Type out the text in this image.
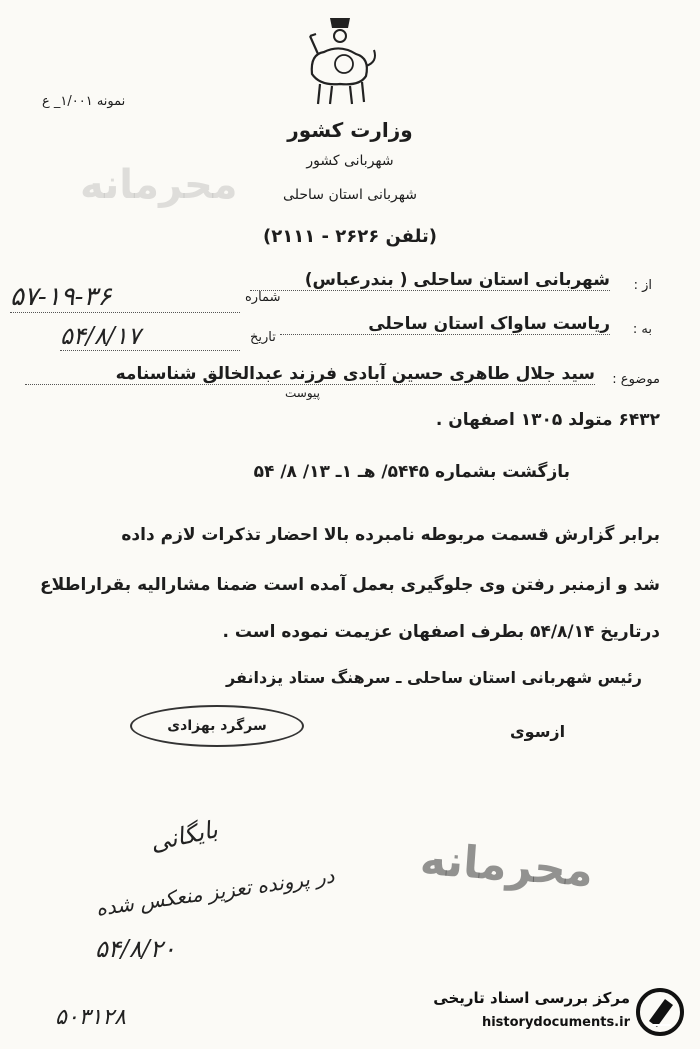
نمونه ۱/۰۰۱_ ع
وزارت کشور
محرمانه
شهربانی کشور
شهربانی استان ساحلی
(تلفن ۲۶۲۶ - ۲۱۱۱)
از :
شهربانی استان ساحلی ( بندرعباس)
شماره
۵۷-۱۹-۳۶
به :
ریاست ساواک استان ساحلی
تاریخ
۵۴/۸/۱۷
موضوع :
سید جلال طاهری حسین آبادی فرزند عبدالخالق شناسنامه
پیوست
۶۴۳۲ متولد ۱۳۰۵ اصفهان .
بازگشت بشماره ۵۴۴۵/ هـ ۱ـ ۱۳/ ۸/ ۵۴
برابر گزارش قسمت مربوطه نامبرده بالا احضار تذکرات لازم داده
شد و ازمنبر رفتن وی جلوگیری بعمل آمده است ضمنا مشارالیه بقراراطلاع
درتاریخ ۵۴/۸/۱۴ بطرف اصفهان عزیمت نموده است .
رئیس شهربانی استان ساحلی ـ سرهنگ ستاد یزدانفر
ازسوی
سرگرد بهزادی
بایگانی
در پرونده تعزیز منعکس شده
۵۴/۸/۲۰
۵۰۳۱۲۸
محرمانه
مرکز بررسی اسناد تاریخی
historydocuments.ir
